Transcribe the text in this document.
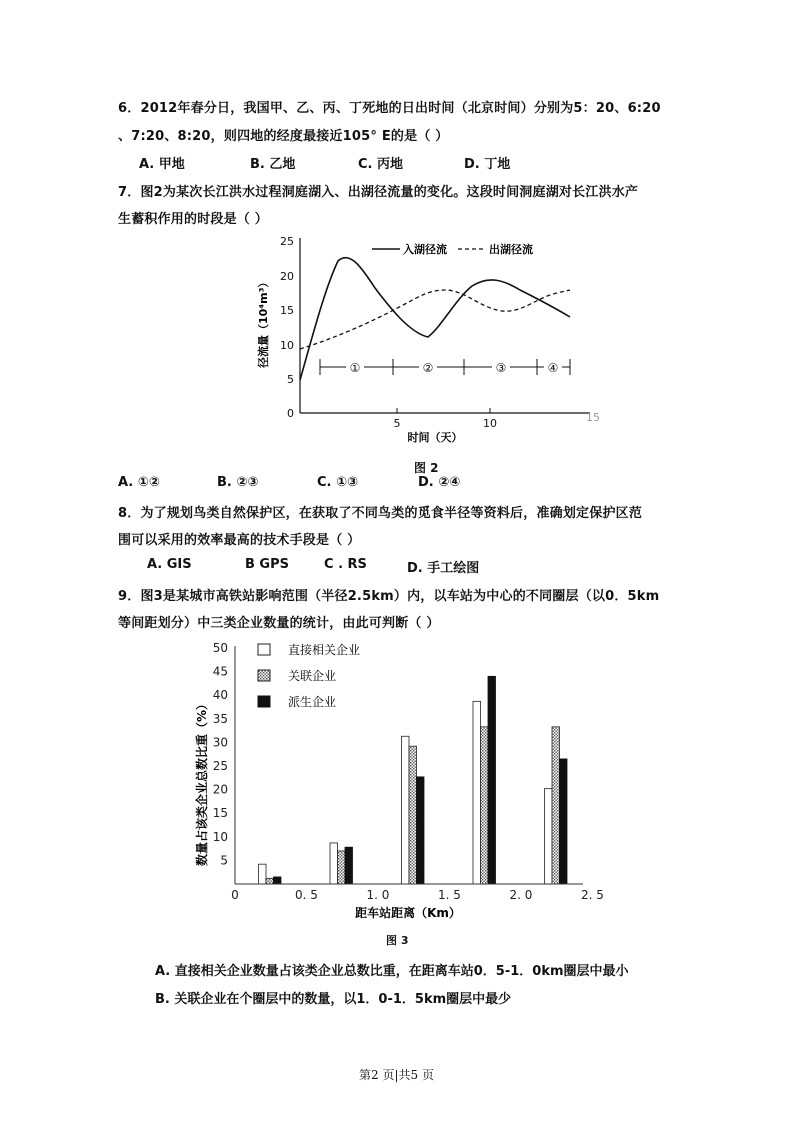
6．2012年春分日，我国甲、乙、丙、丁死地的日出时间（北京时间）分别为5：20、6:20
、7:20、8:20，则四地的经度最接近105° E的是（ ）
A. 甲地	B. 乙地	C. 丙地	D. 丁地
7．图2为某次长江洪水过程洞庭湖入、出湖径流量的变化。这段时间洞庭湖对长江洪水产
生蓄积作用的时段是（ ）
25
20
15
10
5
0
5	10	15
径流量（10⁴m³）
时间（天）
入湖径流	出湖径流
①	②	③	④
图 2
A. ①②	B. ②③	C. ①③	D. ②④
8．为了规划鸟类自然保护区，在获取了不同鸟类的觅食半径等资料后，准确划定保护区范
围可以采用的效率最高的技术手段是（ ）
A. GIS	B GPS	C . RS	D. 手工绘图
9．图3是某城市高铁站影响范围（半径2.5km）内，以车站为中心的不同圈层（以0．5km
等间距划分）中三类企业数量的统计，由此可判断（ ）
5
10
15
20
25
30
35
40
45
50
0	0. 5	1. 0	1. 5	2. 0	2. 5
数量占该类企业总数比重（%）
距车站距离（Km）
直接相关企业
关联企业
派生企业
图 3
A. 直接相关企业数量占该类企业总数比重，在距离车站0．5-1．0km圈层中最小
B. 关联企业在个圈层中的数量，以1．0-1．5km圈层中最少
第2 页|共5 页
